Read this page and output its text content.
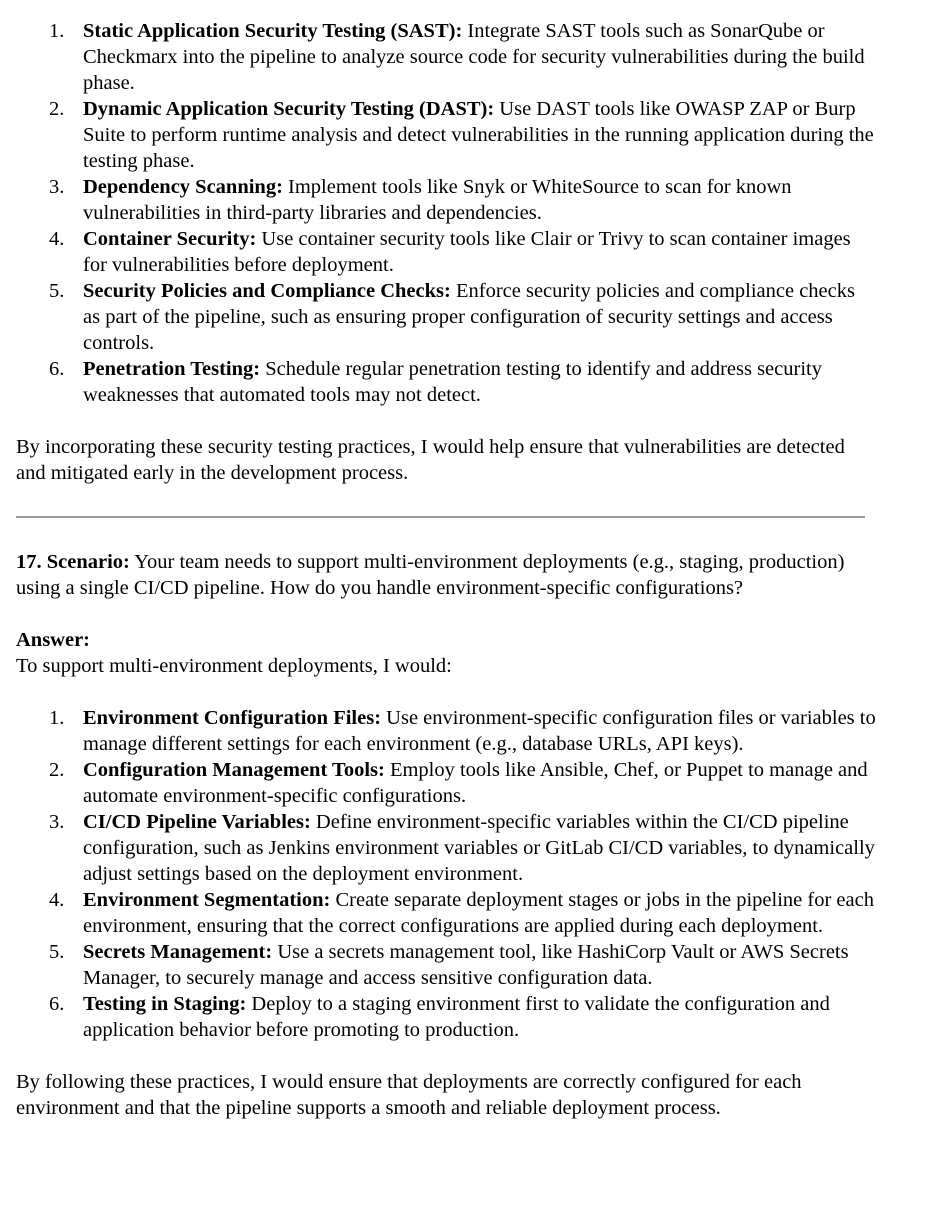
Static Application Security Testing (SAST): Integrate SAST tools such as SonarQube or Checkmarx into the pipeline to analyze source code for security vulnerabilities during the build phase.
Dynamic Application Security Testing (DAST): Use DAST tools like OWASP ZAP or Burp Suite to perform runtime analysis and detect vulnerabilities in the running application during the testing phase.
Dependency Scanning: Implement tools like Snyk or WhiteSource to scan for known vulnerabilities in third-party libraries and dependencies.
Container Security: Use container security tools like Clair or Trivy to scan container images for vulnerabilities before deployment.
Security Policies and Compliance Checks: Enforce security policies and compliance checks as part of the pipeline, such as ensuring proper configuration of security settings and access controls.
Penetration Testing: Schedule regular penetration testing to identify and address security weaknesses that automated tools may not detect.

By incorporating these security testing practices, I would help ensure that vulnerabilities are detected and mitigated early in the development process.

17. Scenario: Your team needs to support multi-environment deployments (e.g., staging, production) using a single CI/CD pipeline. How do you handle environment-specific configurations?

Answer:

To support multi-environment deployments, I would:

Environment Configuration Files: Use environment-specific configuration files or variables to manage different settings for each environment (e.g., database URLs, API keys).
Configuration Management Tools: Employ tools like Ansible, Chef, or Puppet to manage and automate environment-specific configurations.
CI/CD Pipeline Variables: Define environment-specific variables within the CI/CD pipeline configuration, such as Jenkins environment variables or GitLab CI/CD variables, to dynamically adjust settings based on the deployment environment.
Environment Segmentation: Create separate deployment stages or jobs in the pipeline for each environment, ensuring that the correct configurations are applied during each deployment.
Secrets Management: Use a secrets management tool, like HashiCorp Vault or AWS Secrets Manager, to securely manage and access sensitive configuration data.
Testing in Staging: Deploy to a staging environment first to validate the configuration and application behavior before promoting to production.

By following these practices, I would ensure that deployments are correctly configured for each environment and that the pipeline supports a smooth and reliable deployment process.
